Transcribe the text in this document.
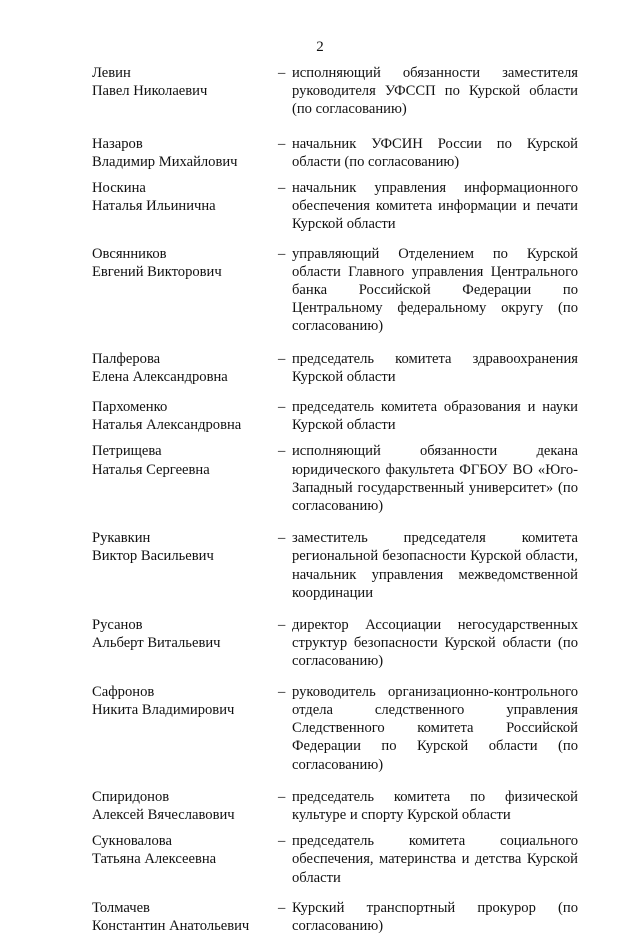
2
Левин
Павел Николаевич
– исполняющий обязанности заместителя руководителя УФССП по Курской области (по согласованию)
Назаров
Владимир Михайлович
– начальник УФСИН России по Курской области (по согласованию)
Носкина
Наталья Ильинична
– начальник управления информационного обеспечения комитета информации и печати Курской области
Овсянников
Евгений Викторович
– управляющий Отделением по Курской области Главного управления Центрального банка Российской Федерации по Центральному федеральному округу (по согласованию)
Палферова
Елена Александровна
– председатель комитета здравоохранения Курской области
Пархоменко
Наталья Александровна
– председатель комитета образования и науки Курской области
Петрищева
Наталья Сергеевна
– исполняющий обязанности декана юридического факультета ФГБОУ ВО «Юго-Западный государственный университет» (по согласованию)
Рукавкин
Виктор Васильевич
– заместитель председателя комитета региональной безопасности Курской области, начальник управления межведомственной координации
Русанов
Альберт Витальевич
– директор Ассоциации негосударственных структур безопасности Курской области (по согласованию)
Сафронов
Никита Владимирович
– руководитель организационно-контрольного отдела следственного управления Следственного комитета Российской Федерации по Курской области (по согласованию)
Спиридонов
Алексей Вячеславович
– председатель комитета по физической культуре и спорту Курской области
Сукновалова
Татьяна Алексеевна
– председатель комитета социального обеспечения, материнства и детства Курской области
Толмачев
Константин Анатольевич
– Курский транспортный прокурор (по согласованию)
